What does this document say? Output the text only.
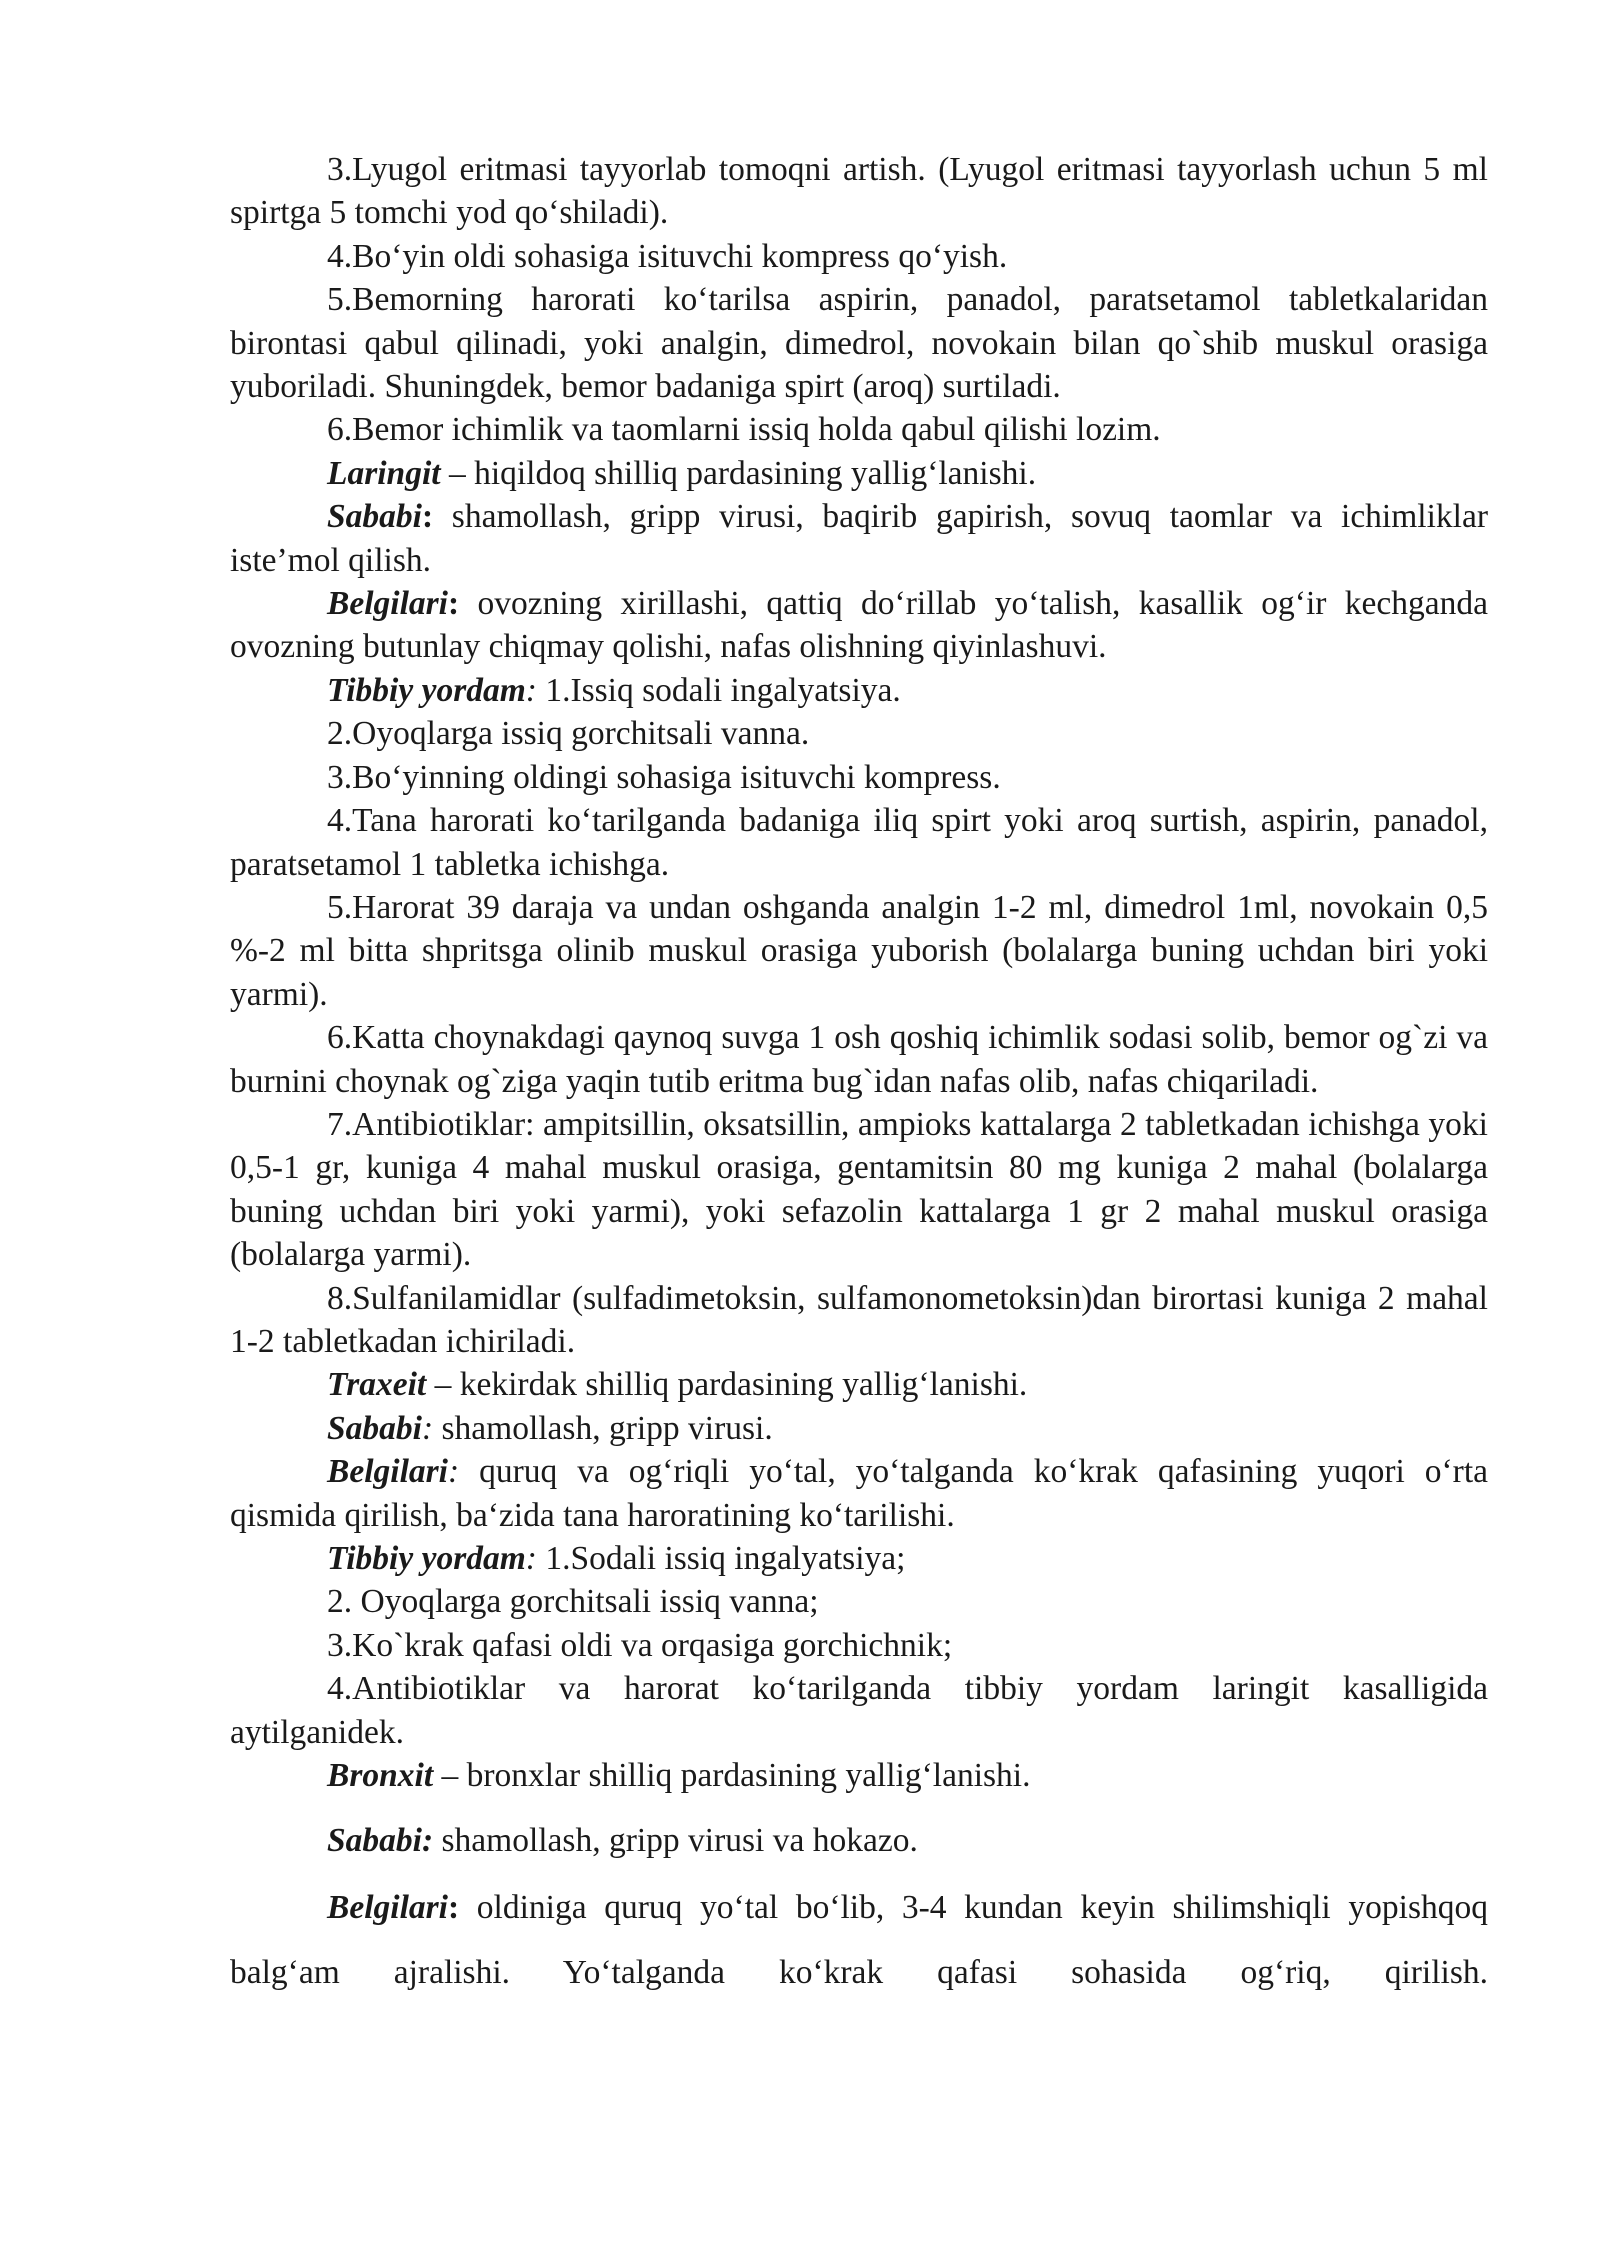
3.Lyugol eritmasi tayyorlab tomoqni artish. (Lyugol eritmasi tayyorlash uchun 5 ml spirtga 5 tomchi yod qo‘shiladi).

4.Bo‘yin oldi sohasiga isituvchi kompress qo‘yish.

5.Bemorning harorati ko‘tarilsa aspirin, panadol, paratsetamol tabletkalaridan birontasi qabul qilinadi, yoki analgin, dimedrol, novokain bilan qo`shib muskul orasiga yuboriladi. Shuningdek, bemor badaniga spirt (aroq) surtiladi.

6.Bemor ichimlik va taomlarni issiq holda qabul qilishi lozim.

Laringit – hiqildoq shilliq pardasining yallig‘lanishi.

Sababi: shamollash, gripp virusi, baqirib gapirish, sovuq taomlar va ichimliklar iste’mol qilish.

Belgilari: ovozning xirillashi, qattiq do‘rillab yo‘talish, kasallik og‘ir kechganda ovozning butunlay chiqmay qolishi, nafas olishning qiyinlashuvi.

Tibbiy yordam: 1.Issiq sodali ingalyatsiya.

2.Oyoqlarga issiq gorchitsali vanna.

3.Bo‘yinning oldingi sohasiga isituvchi kompress.

4.Tana harorati ko‘tarilganda badaniga iliq spirt yoki aroq surtish, aspirin, panadol, paratsetamol 1 tabletka ichishga.

5.Harorat 39 daraja va undan oshganda analgin 1-2 ml, dimedrol 1ml, novokain 0,5 %-2 ml bitta shpritsga olinib muskul orasiga yuborish (bolalarga buning uchdan biri yoki yarmi).

6.Katta choynakdagi qaynoq suvga 1 osh qoshiq ichimlik sodasi solib, bemor og`zi va burnini choynak og`ziga yaqin tutib eritma bug`idan nafas olib, nafas chiqariladi.

7.Antibiotiklar: ampitsillin, oksatsillin, ampioks kattalarga 2 tabletkadan ichishga yoki 0,5-1 gr, kuniga 4 mahal muskul orasiga, gentamitsin 80 mg kuniga 2 mahal (bolalarga buning uchdan biri yoki yarmi), yoki sefazolin kattalarga 1 gr 2 mahal muskul orasiga (bolalarga yarmi).

8.Sulfanilamidlar (sulfadimetoksin, sulfamonometoksin)dan birortasi kuniga 2 mahal 1-2 tabletkadan ichiriladi.

Traxeit – kekirdak shilliq pardasining yallig‘lanishi.

Sababi: shamollash, gripp virusi.

Belgilari: quruq va og‘riqli yo‘tal, yo‘talganda ko‘krak qafasining yuqori o‘rta qismida qirilish, ba‘zida tana haroratining ko‘tarilishi.

Tibbiy yordam: 1.Sodali issiq ingalyatsiya;

2. Oyoqlarga gorchitsali issiq vanna;

3.Ko`krak qafasi oldi va orqasiga gorchichnik;

4.Antibiotiklar va harorat ko‘tarilganda tibbiy yordam laringit kasalligida aytilganidek.

Bronxit – bronxlar shilliq pardasining yallig‘lanishi.

Sababi: shamollash, gripp virusi va hokazo.

Belgilari: oldiniga quruq yo‘tal bo‘lib, 3-4 kundan keyin shilimshiqli yopishqoq balg‘am ajralishi. Yo‘talganda ko‘krak qafasi sohasida og‘riq, qirilish.
